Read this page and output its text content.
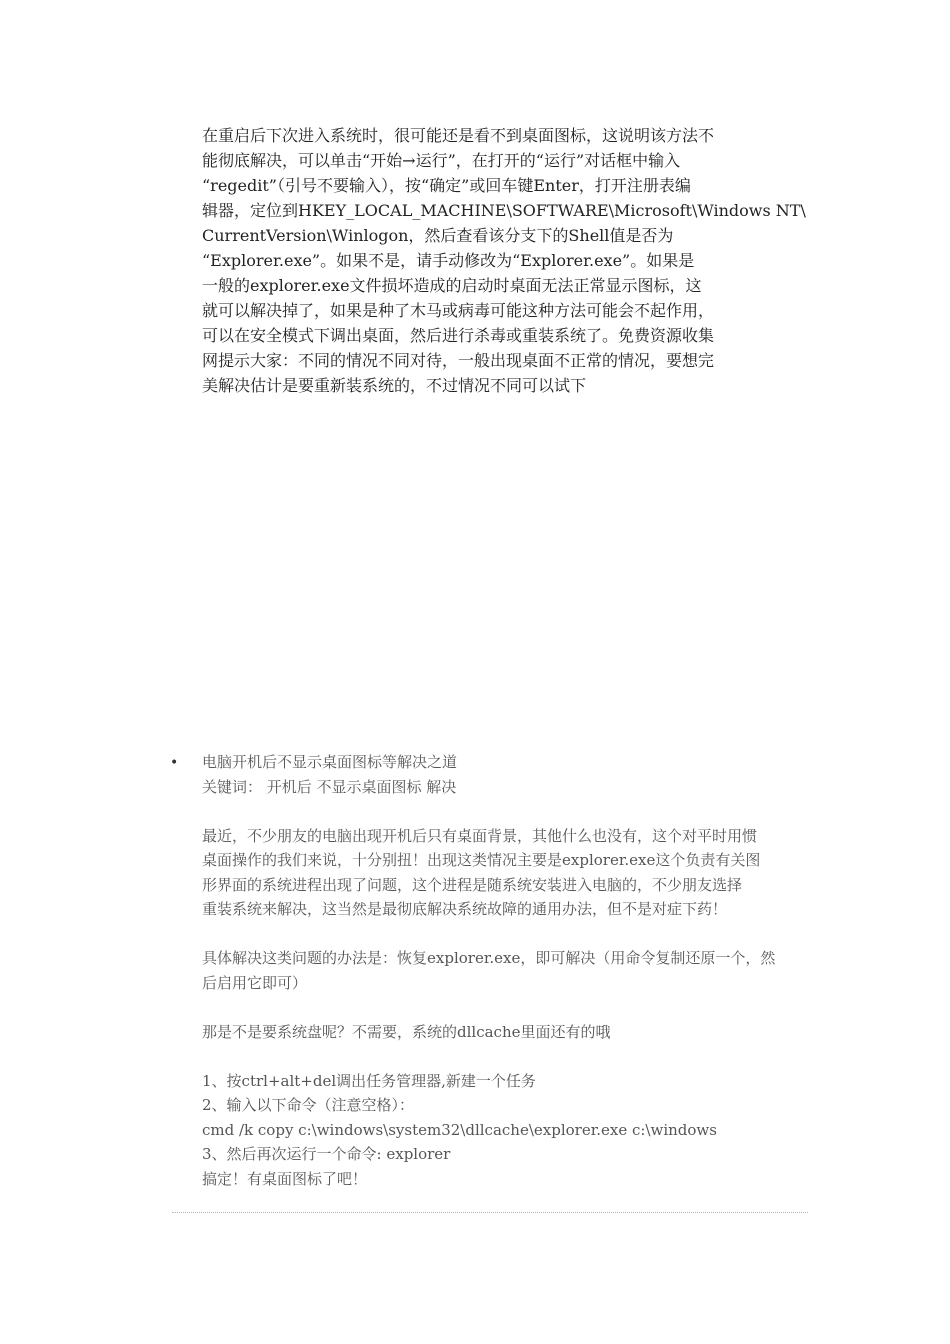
在重启后下次进入系统时，很可能还是看不到桌面图标，这说明该方法不

能彻底解决，可以单击“开始→运行”，在打开的“运行”对话框中输入

“regedit”（引号不要输入），按“确定”或回车键Enter，打开注册表编

辑器，定位到HKEY_LOCAL_MACHINE\SOFTWARE\Microsoft\Windows NT\

CurrentVersion\Winlogon，然后查看该分支下的Shell值是否为

“Explorer.exe”。如果不是，请手动修改为“Explorer.exe”。如果是

一般的explorer.exe文件损坏造成的启动时桌面无法正常显示图标，这

就可以解决掉了，如果是种了木马或病毒可能这种方法可能会不起作用，

可以在安全模式下调出桌面，然后进行杀毒或重装系统了。免费资源收集

网提示大家：不同的情况不同对待，一般出现桌面不正常的情况，要想完

美解决估计是要重新装系统的，不过情况不同可以试下

• 电脑开机后不显示桌面图标等解决之道

关键词： 开机后 不显示桌面图标 解决

最近，不少朋友的电脑出现开机后只有桌面背景，其他什么也没有，这个对平时用惯

桌面操作的我们来说，十分别扭！出现这类情况主要是explorer.exe这个负责有关图

形界面的系统进程出现了问题，这个进程是随系统安装进入电脑的，不少朋友选择

重装系统来解决，这当然是最彻底解决系统故障的通用办法，但不是对症下药！

具体解决这类问题的办法是：恢复explorer.exe，即可解决（用命令复制还原一个，然

后启用它即可）

那是不是要系统盘呢？不需要，系统的dllcache里面还有的哦

1、按ctrl+alt+del调出任务管理器,新建一个任务

2、输入以下命令（注意空格）：

cmd /k copy c:\windows\system32\dllcache\explorer.exe c:\windows

3、然后再次运行一个命令: explorer

搞定！有桌面图标了吧！
